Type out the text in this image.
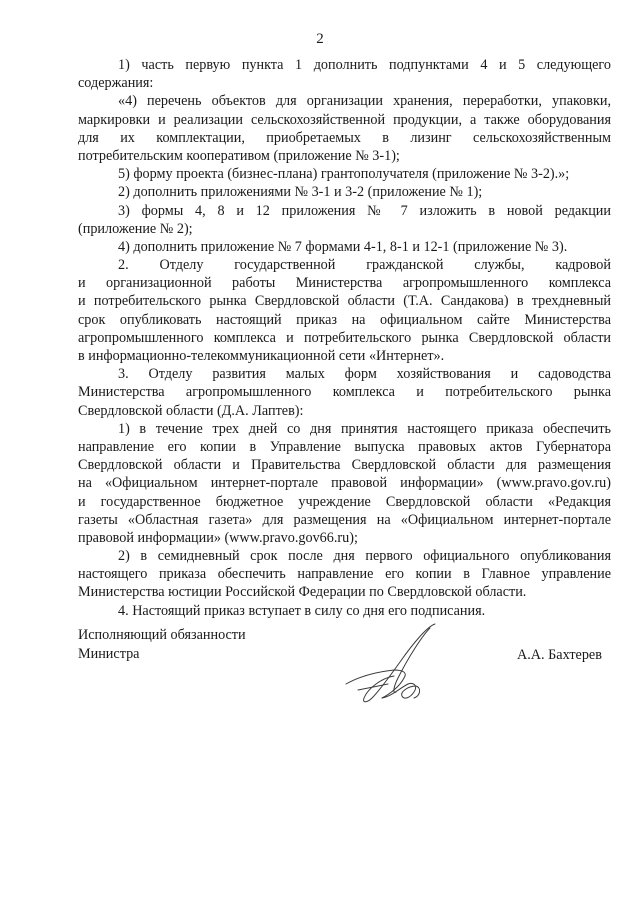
2
1) часть первую пункта 1 дополнить подпунктами 4 и 5 следующего
содержания:
«4) перечень объектов для организации хранения, переработки, упаковки,
маркировки и реализации сельскохозяйственной продукции, а также оборудования
для их комплектации, приобретаемых в лизинг сельскохозяйственным
потребительским кооперативом (приложение № 3-1);
5) форму проекта (бизнес-плана) грантополучателя (приложение № 3-2).»;
2) дополнить приложениями № 3-1 и 3-2 (приложение № 1);
3) формы 4, 8 и 12 приложения № 7 изложить в новой редакции
(приложение № 2);
4) дополнить приложение № 7 формами 4-1, 8-1 и 12-1 (приложение № 3).
2. Отделу государственной гражданской службы, кадровой
и организационной работы Министерства агропромышленного комплекса
и потребительского рынка Свердловской области (Т.А. Сандакова) в трехдневный
срок опубликовать настоящий приказ на официальном сайте Министерства
агропромышленного комплекса и потребительского рынка Свердловской области
в информационно-телекоммуникационной сети «Интернет».
3. Отделу развития малых форм хозяйствования и садоводства
Министерства агропромышленного комплекса и потребительского рынка
Свердловской области (Д.А. Лаптев):
1) в течение трех дней со дня принятия настоящего приказа обеспечить
направление его копии в Управление выпуска правовых актов Губернатора
Свердловской области и Правительства Свердловской области для размещения
на «Официальном интернет-портале правовой информации» (www.pravo.gov.ru)
и государственное бюджетное учреждение Свердловской области «Редакция
газеты «Областная газета» для размещения на «Официальном интернет-портале
правовой информации» (www.pravo.gov66.ru);
2) в семидневный срок после дня первого официального опубликования
настоящего приказа обеспечить направление его копии в Главное управление
Министерства юстиции Российской Федерации по Свердловской области.
4. Настоящий приказ вступает в силу со дня его подписания.
Исполняющий обязанности
Министра	А.А. Бахтерев
